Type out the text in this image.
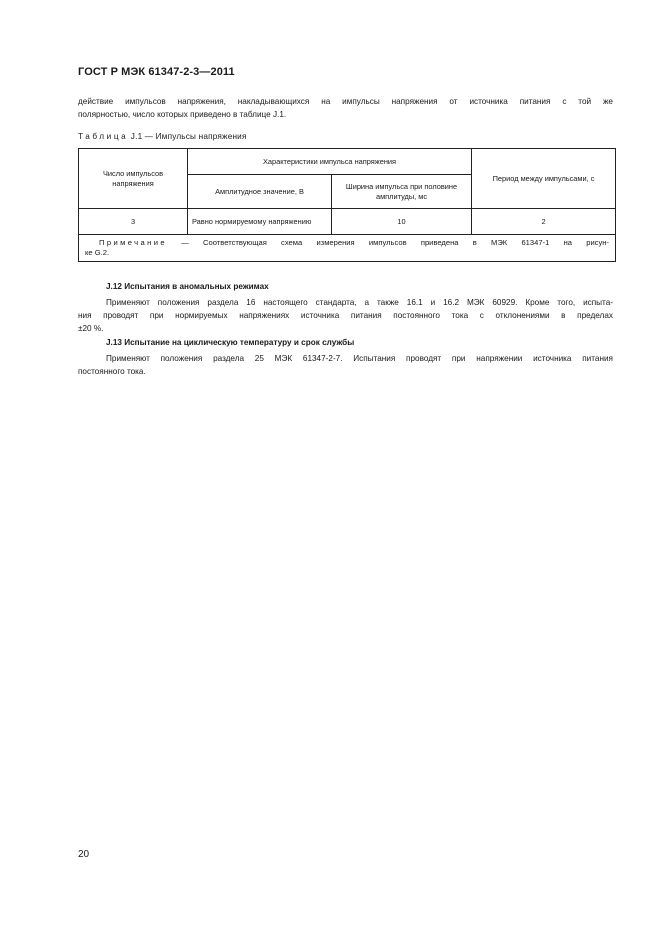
ГОСТ Р МЭК 61347-2-3—2011

действие импульсов напряжения, накладывающихся на импульсы напряжения от источника питания с той же

полярностью, число которых приведено в таблице J.1.

Таблица J.1 — Импульсы напряжения
Число импульсов напряжения	Характеристики импульса напряжения		Период между импульсами, с
	Амплитудное значение, В	Ширина импульса при половине амплитуды, мс	
3	Равно нормируемому напряжению	10	2

Примечание — Соответствующая схема измерения импульсов приведена в МЭК 61347-1 на рисун-
ке G.2.			
J.12 Испытания в аномальных режимах

Применяют положения раздела 16 настоящего стандарта, а также 16.1 и 16.2 МЭК 60929. Кроме того, испыта-

ния проводят при нормируемых напряжениях источника питания постоянного тока с отклонениями в пределах

±20 %.

J.13 Испытание на циклическую температуру и срок службы

Применяют положения раздела 25 МЭК 61347-2-7. Испытания проводят при напряжении источника питания

постоянного тока.

20
